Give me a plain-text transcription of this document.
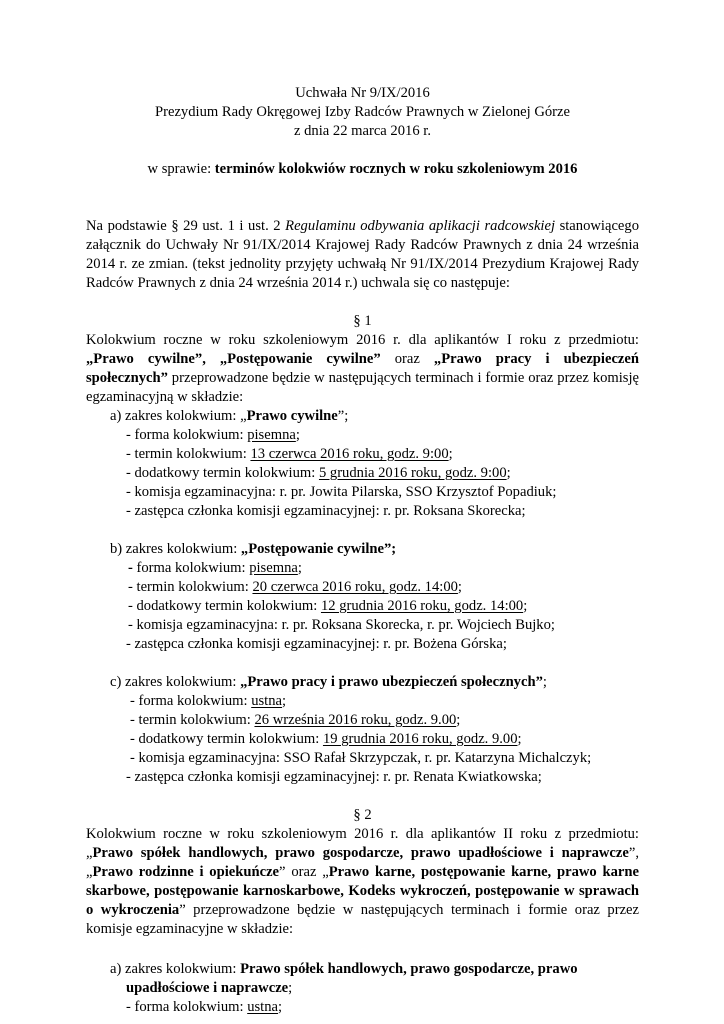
Uchwała Nr 9/IX/2016
Prezydium Rady Okręgowej Izby Radców Prawnych w Zielonej Górze
z dnia 22 marca 2016 r.
w sprawie: terminów kolokwiów rocznych w roku szkoleniowym 2016
Na podstawie § 29 ust. 1 i ust. 2 Regulaminu odbywania aplikacji radcowskiej stanowiącego załącznik do Uchwały Nr 91/IX/2014 Krajowej Rady Radców Prawnych z dnia 24 września 2014 r. ze zmian. (tekst jednolity przyjęty uchwałą Nr 91/IX/2014 Prezydium Krajowej Rady Radców Prawnych z dnia 24 września 2014 r.) uchwala się co następuje:
§ 1
Kolokwium roczne w roku szkoleniowym 2016 r. dla aplikantów I roku z przedmiotu: „Prawo cywilne”, „Postępowanie cywilne” oraz „Prawo pracy i ubezpieczeń społecznych” przeprowadzone będzie w następujących terminach i formie oraz przez komisję egzaminacyjną w składzie:
a) zakres kolokwium: „Prawo cywilne”;
- forma kolokwium: pisemna;
- termin kolokwium: 13 czerwca 2016 roku, godz. 9:00;
- dodatkowy termin kolokwium: 5 grudnia 2016 roku, godz. 9:00;
- komisja egzaminacyjna: r. pr. Jowita Pilarska, SSO Krzysztof Popadiuk;
- zastępca członka komisji egzaminacyjnej: r. pr. Roksana Skorecka;
b) zakres kolokwium: „Postępowanie cywilne”;
- forma kolokwium: pisemna;
- termin kolokwium: 20 czerwca 2016 roku, godz. 14:00;
- dodatkowy termin kolokwium: 12 grudnia 2016 roku, godz. 14:00;
- komisja egzaminacyjna: r. pr. Roksana Skorecka, r. pr. Wojciech Bujko;
- zastępca członka komisji egzaminacyjnej: r. pr. Bożena Górska;
c) zakres kolokwium: „Prawo pracy i prawo ubezpieczeń społecznych”;
- forma kolokwium: ustna;
- termin kolokwium: 26 września 2016 roku, godz. 9.00;
- dodatkowy termin kolokwium: 19 grudnia 2016 roku, godz. 9.00;
- komisja egzaminacyjna: SSO Rafał Skrzypczak, r. pr. Katarzyna Michalczyk;
- zastępca członka komisji egzaminacyjnej: r. pr. Renata Kwiatkowska;
§ 2
Kolokwium roczne w roku szkoleniowym 2016 r. dla aplikantów II roku z przedmiotu: „Prawo spółek handlowych, prawo gospodarcze, prawo upadłościowe i naprawcze”, „Prawo rodzinne i opiekuńcze” oraz „Prawo karne, postępowanie karne, prawo karne skarbowe, postępowanie karnoskarbowe, Kodeks wykroczeń, postępowanie w sprawach o wykroczenia” przeprowadzone będzie w następujących terminach i formie oraz przez komisje egzaminacyjne w składzie:
a) zakres kolokwium: Prawo spółek handlowych, prawo gospodarcze, prawo
upadłościowe i naprawcze;
- forma kolokwium: ustna;
